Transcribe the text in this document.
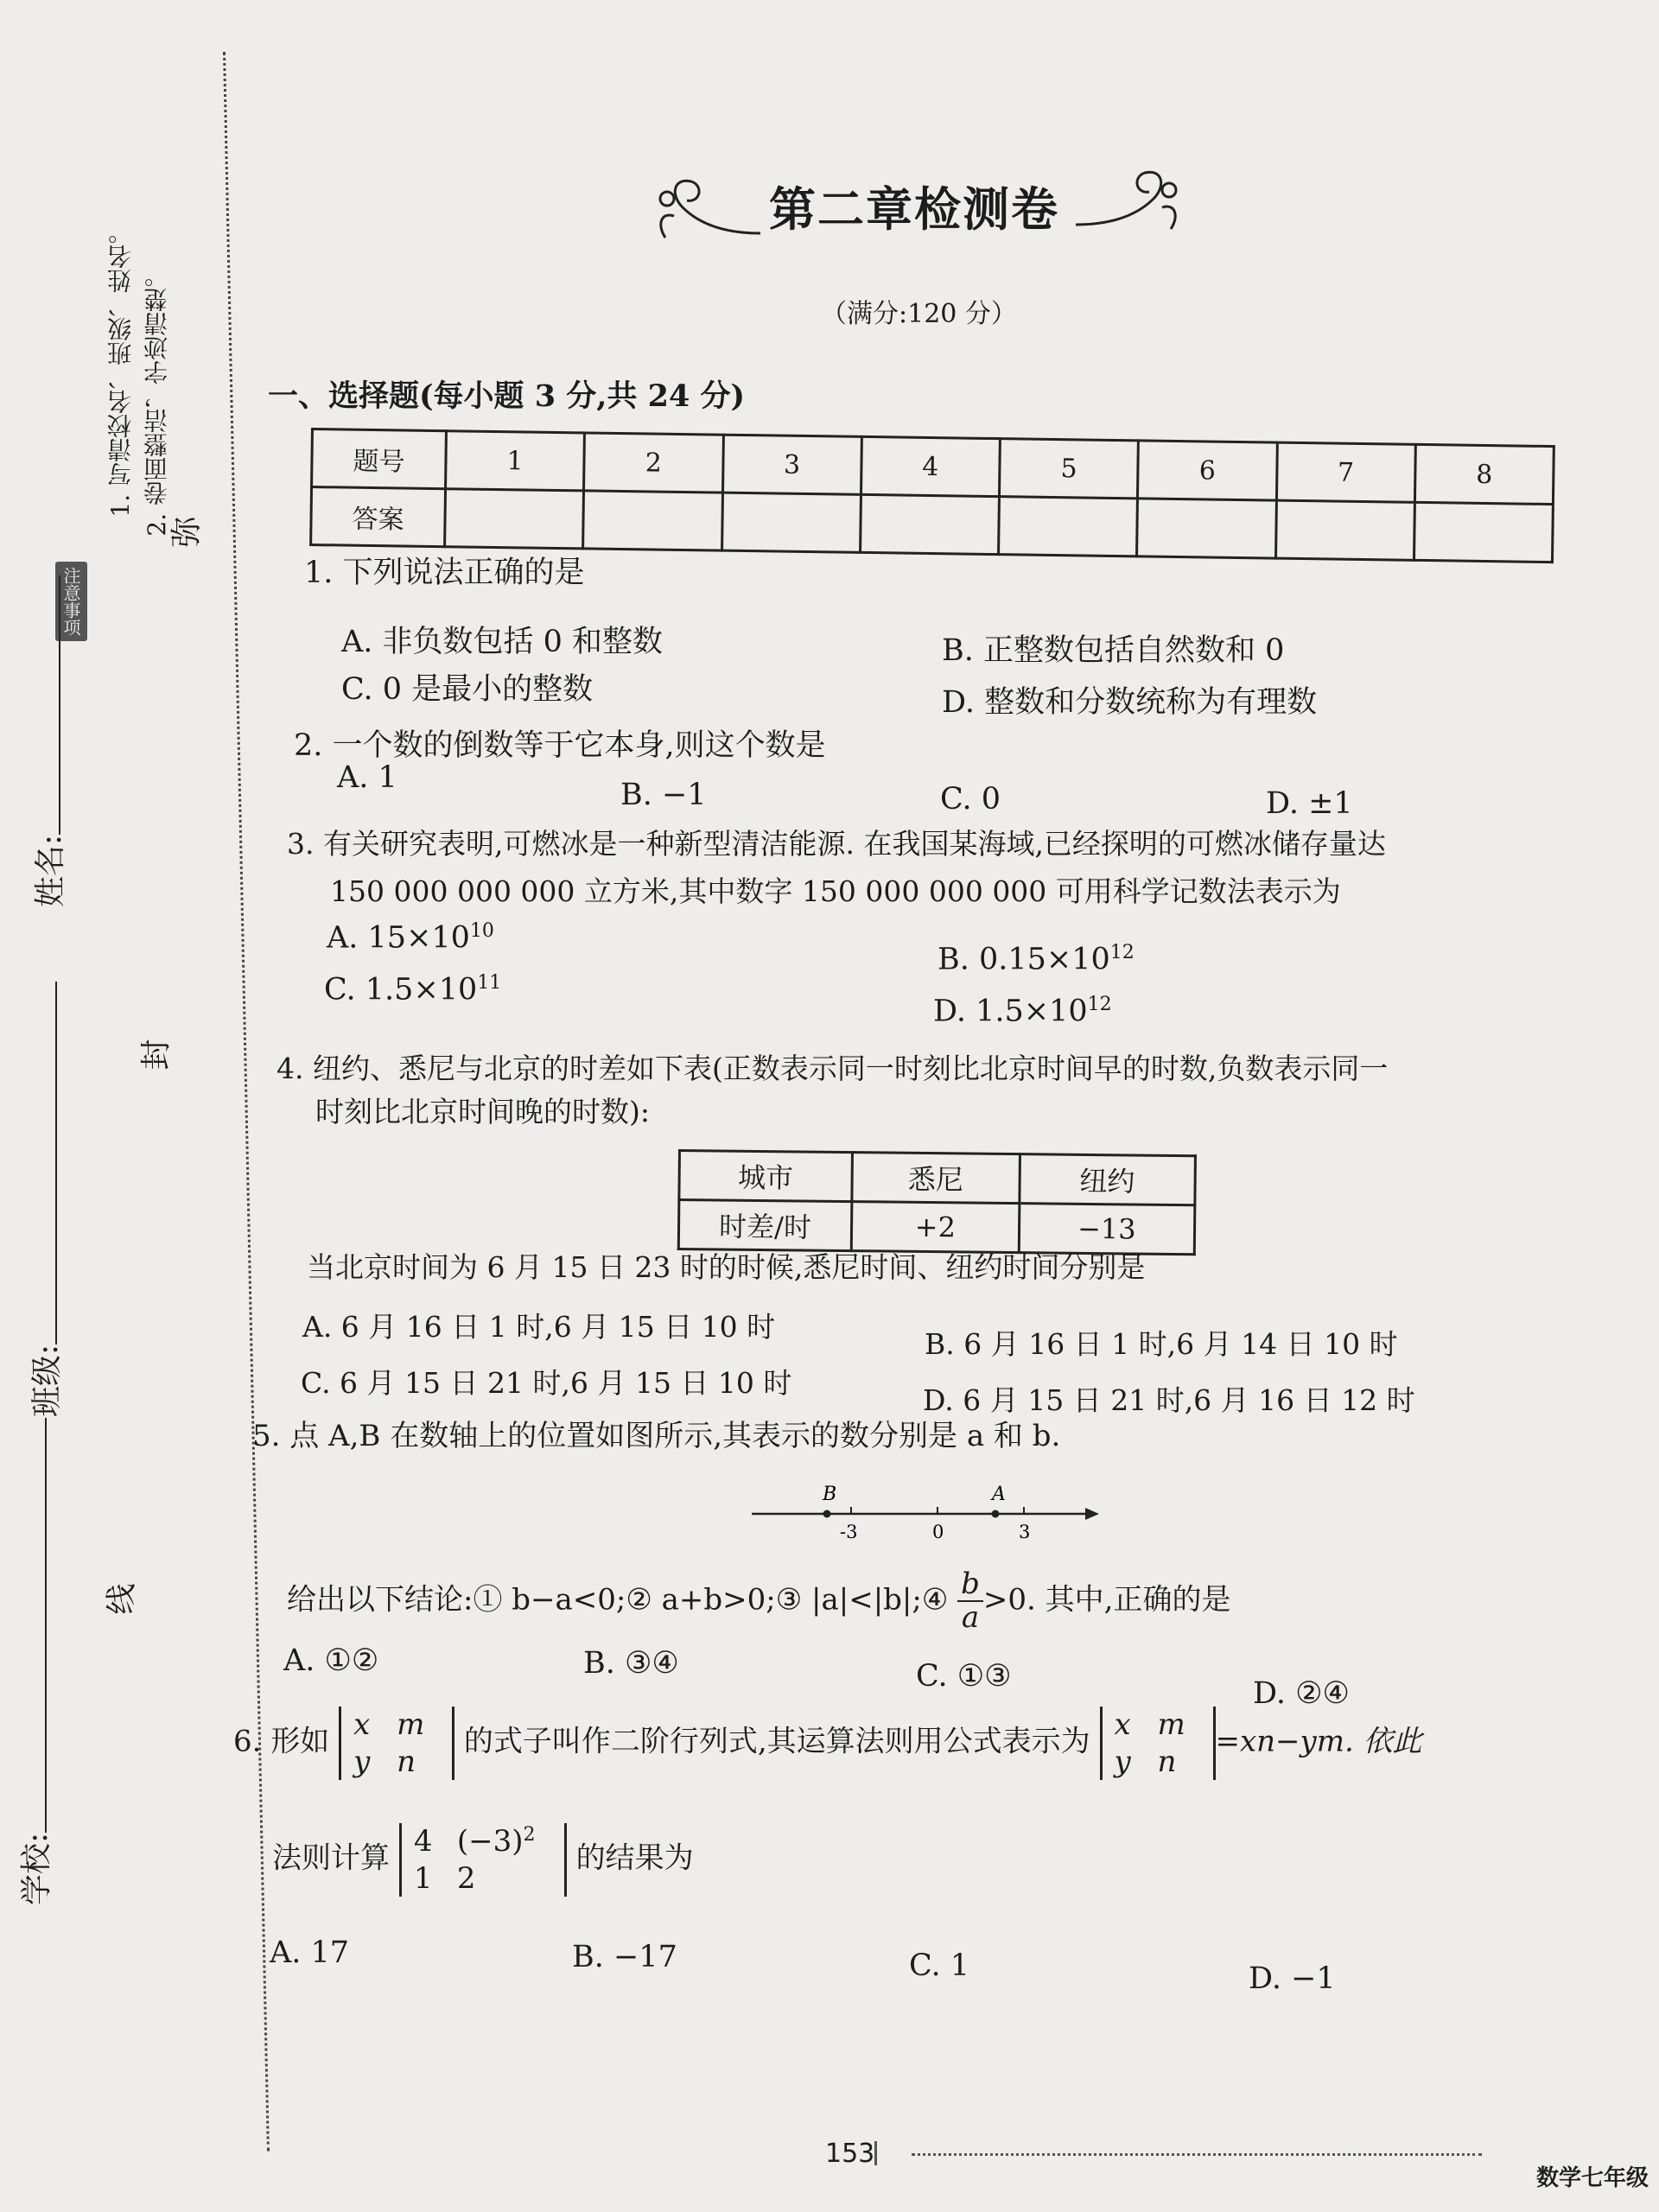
注意事项
1. 写清校名、班级、姓名。 2. 卷面整洁，字迹清楚。
弥
封
线
姓名:
班级:
学校:
第二章检测卷
（满分:120 分）
一、选择题(每小题 3 分,共 24 分)
题号	1	2	3	4	5	6	7	8
答案								
1. 下列说法正确的是
A. 非负数包括 0 和整数	B. 正整数包括自然数和 0
C. 0 是最小的整数	D. 整数和分数统称为有理数
2. 一个数的倒数等于它本身,则这个数是
A. 1	B. −1	C. 0	D. ±1
3. 有关研究表明,可燃冰是一种新型清洁能源. 在我国某海域,已经探明的可燃冰储存量达
150 000 000 000 立方米,其中数字 150 000 000 000 可用科学记数法表示为
A. $15\times 10^{10}$
B. $0.15\times 10^{12}$
C. $1.5\times 10^{11}$
D. $1.5\times 10^{12}$
4. 纽约、悉尼与北京的时差如下表(正数表示同一时刻比北京时间早的时数,负数表示同一
时刻比北京时间晚的时数):
城市	悉尼	纽约
时差/时	+2	−13
当北京时间为 6 月 15 日 23 时的时候,悉尼时间、纽约时间分别是
A. 6 月 16 日 1 时,6 月 15 日 10 时
B. 6 月 16 日 1 时,6 月 14 日 10 时
C. 6 月 15 日 21 时,6 月 15 日 10 时
D. 6 月 15 日 21 时,6 月 16 日 12 时
5. 点 A,B 在数轴上的位置如图所示,其表示的数分别是 a 和 b.
B	A
-3	0	3
给出以下结论:① b−a<0;② a+b>0;③ |a|<|b|;④ $\frac{b}{a}>0$. 其中,正确的是
A. ①②	B. ③④	C. ①③	D. ②④
6. 形如 x m
y n 的式子叫作二阶行列式,其运算法则用公式表示为 x m
y n=xn−ym. 依此
法则计算 4 $(-3)^2$
1 2 的结果为
A. 17	B. −17	C. 1	D. −1
153
数学七年级
